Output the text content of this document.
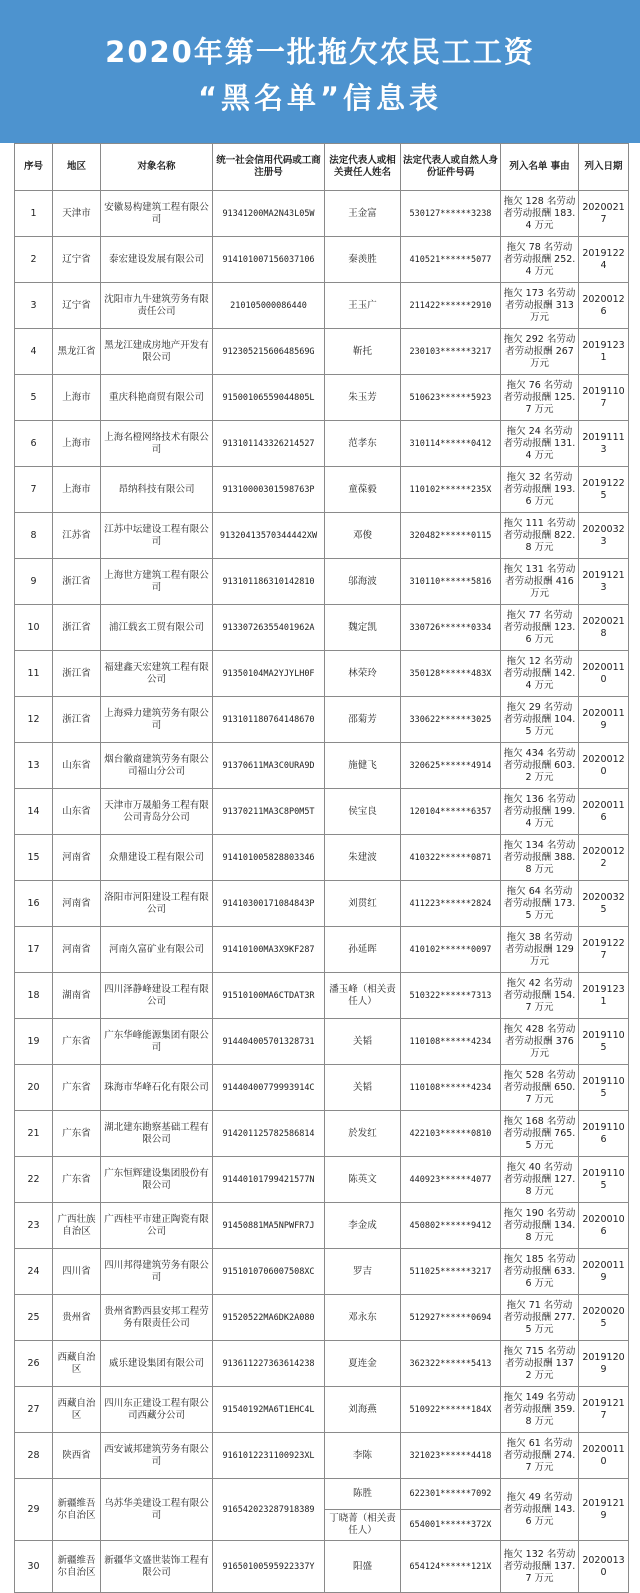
2020年第一批拖欠农民工工资
“黑名单”信息表
序号	地区	对象名称	统一社会信用代码或工商注册号	法定代表人或相关责任人姓名	法定代表人或自然人身份证件号码	列入名单 事由	列入日期
1	天津市	安徽易构建筑工程有限公司	91341200MA2N43L05W	王金富	530127******3238	拖欠 128 名劳动者劳动报酬 183.4 万元	20200217
2	辽宁省	泰宏建设发展有限公司	914101007156037106	秦羡胜	410521******5077	拖欠 78 名劳动者劳动报酬 252.4 万元	20191224
3	辽宁省	沈阳市九牛建筑劳务有限责任公司	210105000086440	王玉广	211422******2910	拖欠 173 名劳动者劳动报酬 313 万元	20200126
4	黑龙江省	黑龙江建成房地产开发有限公司	91230521560648569G	靳托	230103******3217	拖欠 292 名劳动者劳动报酬 267 万元	20191231
5	上海市	重庆科艳商贸有限公司	91500106559044805L	朱玉芳	510623******5923	拖欠 76 名劳动者劳动报酬 125.7 万元	20191107
6	上海市	上海名橙网络技术有限公司	913101143326214527	范孝东	310114******0412	拖欠 24 名劳动者劳动报酬 131.4 万元	20191113
7	上海市	昂纳科技有限公司	91310000301598763P	童葆毅	110102******235X	拖欠 32 名劳动者劳动报酬 193.6 万元	20191225
8	江苏省	江苏中坛建设工程有限公司	91320413570344442XW	邓俊	320482******0115	拖欠 111 名劳动者劳动报酬 822.8 万元	20200323
9	浙江省	上海世方建筑工程有限公司	913101186310142810	邬海波	310110******5816	拖欠 131 名劳动者劳动报酬 416 万元	20191213
10	浙江省	浦江载玄工贸有限公司	91330726355401962A	魏定凯	330726******0334	拖欠 77 名劳动者劳动报酬 123.6 万元	20200218
11	浙江省	福建鑫天宏建筑工程有限公司	91350104MA2YJYLH0F	林荣玲	350128******483X	拖欠 12 名劳动者劳动报酬 142.4 万元	20200110
12	浙江省	上海舜力建筑劳务有限公司	913101180764148670	邵菊芳	330622******3025	拖欠 29 名劳动者劳动报酬 104.5 万元	20200119
13	山东省	烟台徽商建筑劳务有限公司福山分公司	91370611MA3C0URA9D	施健飞	320625******4914	拖欠 434 名劳动者劳动报酬 603.2 万元	20200120
14	山东省	天津市万晟船务工程有限公司青岛分公司	91370211MA3C8P0M5T	侯宝良	120104******6357	拖欠 136 名劳动者劳动报酬 199.4 万元	20200116
15	河南省	众鼎建设工程有限公司	914101005828803346	朱建波	410322******0871	拖欠 134 名劳动者劳动报酬 388.8 万元	20200122
16	河南省	洛阳市河阳建设工程有限公司	91410300171084843P	刘贯红	411223******2824	拖欠 64 名劳动者劳动报酬 173.5 万元	20200325
17	河南省	河南久富矿业有限公司	91410100MA3X9KF287	孙延晖	410102******0097	拖欠 38 名劳动者劳动报酬 129 万元	20191227
18	湖南省	四川泽静峰建设工程有限公司	91510100MA6CTDAT3R	潘玉峰（相关责任人）	510322******7313	拖欠 42 名劳动者劳动报酬 154.7 万元	20191231
19	广东省	广东华峰能源集团有限公司	914404005701328731	关韬	110108******4234	拖欠 428 名劳动者劳动报酬 376 万元	20191105
20	广东省	珠海市华峰石化有限公司	91440400779993914C	关韬	110108******4234	拖欠 528 名劳动者劳动报酬 650.7 万元	20191105
21	广东省	湖北建东勘察基础工程有限公司	914201125782586814	於发红	422103******0810	拖欠 168 名劳动者劳动报酬 765.5 万元	20191106
22	广东省	广东恒辉建设集团股份有限公司	91440101799421577N	陈英文	440923******4077	拖欠 40 名劳动者劳动报酬 127.8 万元	20191105
23	广西壮族自治区	广西桂平市建正陶瓷有限公司	91450881MA5NPWFR7J	李金成	450802******9412	拖欠 190 名劳动者劳动报酬 134.8 万元	20200106
24	四川省	四川邦得建筑劳务有限公司	91510107060075​08XC	罗吉	511025******3217	拖欠 185 名劳动者劳动报酬 633.6 万元	20200119
25	贵州省	贵州省黔西县安邦工程劳务有限责任公司	91520522MA6DK2A080	邓永东	512927******0694	拖欠 71 名劳动者劳动报酬 277.5 万元	20200205
26	西藏自治区	威乐建设集团有限公司	913611227363614238	夏连金	362322******5413	拖欠 715 名劳动者劳动报酬 1372 万元	20191209
27	西藏自治区	四川东正建设工程有限公司西藏分公司	91540192MA6T1EHC4L	刘海燕	510922******184X	拖欠 149 名劳动者劳动报酬 359.8 万元	20191217
28	陕西省	西安诚邦建筑劳务有限公司	9161012231100923XL	李陈	321023******4418	拖欠 61 名劳动者劳动报酬 274.7 万元	20200110
29	新疆维吾尔自治区	乌苏华美建设工程有限公司	916542023287918389	陈胜	622301******7092	拖欠 49 名劳动者劳动报酬 143.6 万元	20191219
				丁晓菁（相关责任人）	654001******372X		
30	新疆维吾尔自治区	新疆华文盛世装饰工程有限公司	916501005959223​37Y	阳盛	654124******121X	拖欠 132 名劳动者劳动报酬 137.7 万元	20200130
